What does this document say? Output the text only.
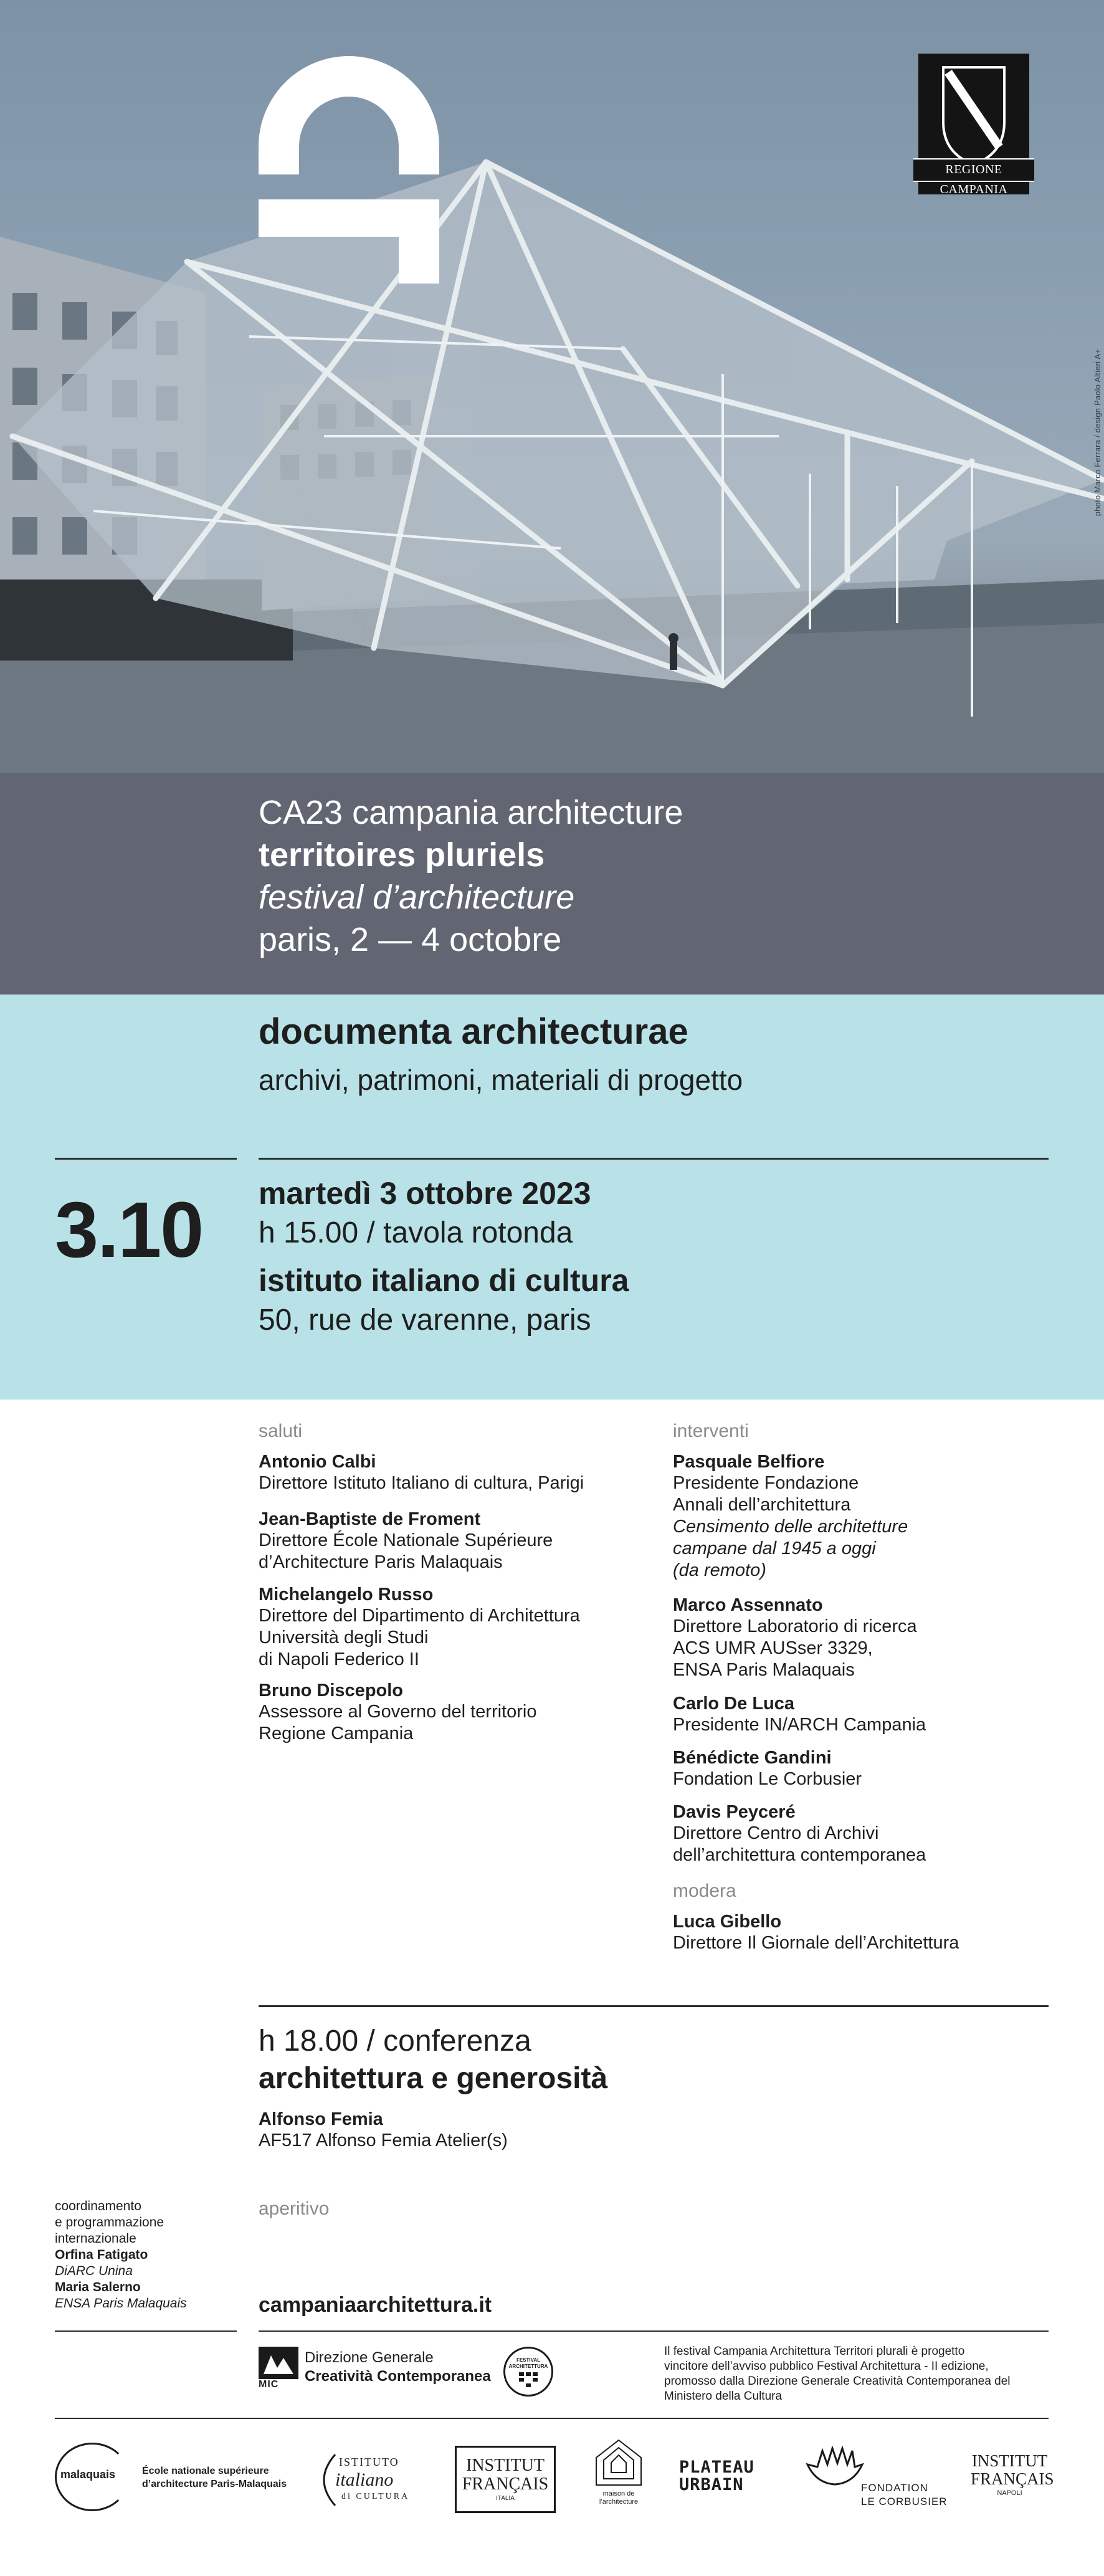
REGIONE CAMPANIA
photo Marco Ferrara / design Paolo Altieri A+
CA23 campania architecture
territoires pluriels
festival d’architecture
paris, 2 — 4 octobre
documenta architecturae
archivi, patrimoni, materiali di progetto
3.10 martedì 3 ottobre 2023
h 15.00 / tavola rotonda
istituto italiano di cultura
50, rue de varenne, paris
saluti
Antonio Calbi
Direttore Istituto Italiano di cultura, Parigi
Jean-Baptiste de Froment
Direttore École Nationale Supérieure
d’Architecture Paris Malaquais
Michelangelo Russo
Direttore del Dipartimento di Architettura
Università degli Studi
di Napoli Federico II
Bruno Discepolo
Assessore al Governo del territorio
Regione Campania
interventi
Pasquale Belfiore
Presidente Fondazione
Annali dell’architettura
Censimento delle architetture
campane dal 1945 a oggi
(da remoto)
Marco Assennato
Direttore Laboratorio di ricerca
ACS UMR AUSser 3329,
ENSA Paris Malaquais
Carlo De Luca
Presidente IN/ARCH Campania
Bénédicte Gandini
Fondation Le Corbusier
Davis Peyceré
Direttore Centro di Archivi
dell’architettura contemporanea
modera
Luca Gibello
Direttore Il Giornale dell’Architettura
h 18.00 / conferenza
architettura e generosità
Alfonso Femia
AF517 Alfonso Femia Atelier(s)
coordinamento
e programmazione
internazionale
Orfina Fatigato
DiARC Unina
Maria Salerno
ENSA Paris Malaquais
aperitivo
campaniaarchitettura.it
MIC
Direzione Generale
Creatività Contemporanea
FESTIVAL ARCHITETTURA
Il festival Campania Architettura Territori plurali è progetto
vincitore dell’avviso pubblico Festival Architettura - II edizione,
promosso dalla Direzione Generale Creatività Contemporanea del
Ministero della Cultura
malaquais	École nationale supérieure
d’architecture Paris-Malaquais
ISTITUTO
italiano
di CULTURA
INSTITUT
FRANÇAIS
ITALIA
maison de
l’architecture
PLATEAU
URBAIN	FONDATION
LE CORBUSIER
INSTITUT
FRANÇAIS
NAPOLI
